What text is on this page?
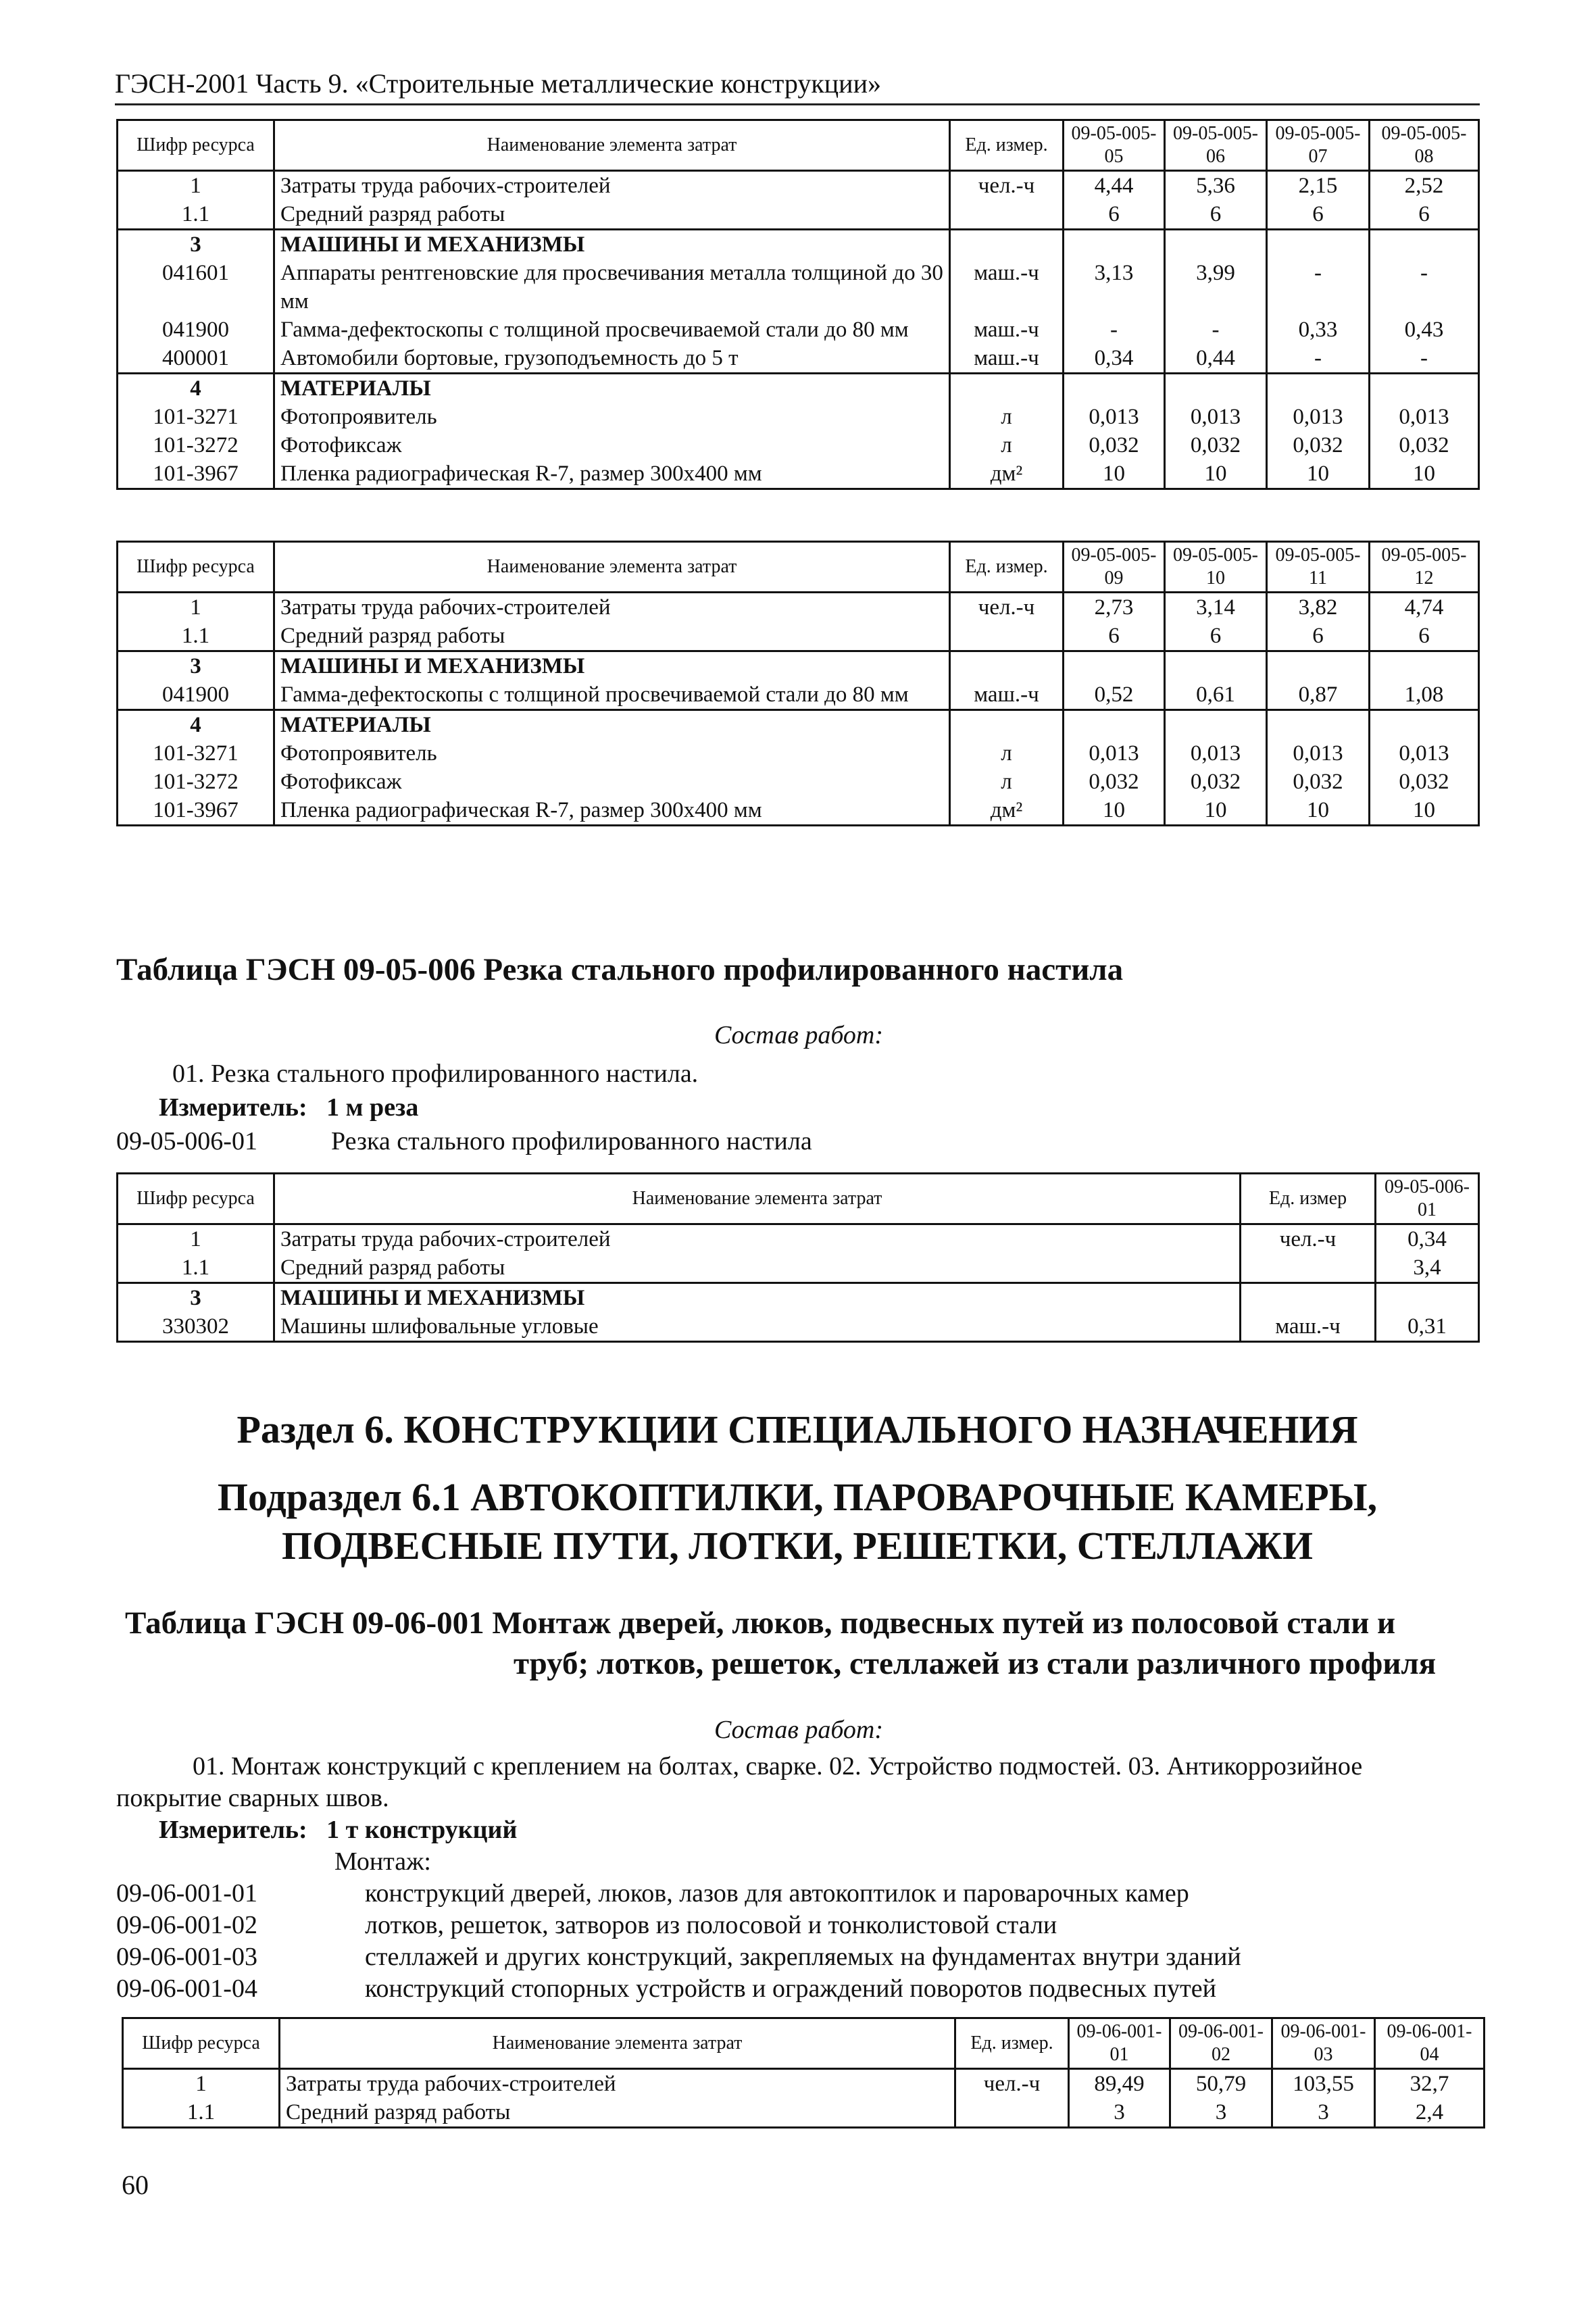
ГЭСН-2001 Часть 9. «Строительные металлические конструкции»
Шифр ресурса	Наименование элемента затрат	Ед. измер.	09-05-005-05	09-05-005-06	09-05-005-07	09-05-005-08
1	Затраты труда рабочих-строителей	чел.-ч	4,44	5,36	2,15	2,52
1.1	Средний разряд работы		6	6	6	6
3	МАШИНЫ И МЕХАНИЗМЫ					
041601	Аппараты рентгеновские для просвечивания металла толщиной до 30 мм	маш.-ч	3,13	3,99	-	-
041900	Гамма-дефектоскопы с толщиной просвечиваемой стали до 80 мм	маш.-ч	-	-	0,33	0,43
400001	Автомобили бортовые, грузоподъемность до 5 т	маш.-ч	0,34	0,44	-	-
4	МАТЕРИАЛЫ					
101-3271	Фотопроявитель	л	0,013	0,013	0,013	0,013
101-3272	Фотофиксаж	л	0,032	0,032	0,032	0,032
101-3967	Пленка радиографическая R-7, размер 300х400 мм	дм²	10	10	10	10
Шифр ресурса	Наименование элемента затрат	Ед. измер.	09-05-005-09	09-05-005-10	09-05-005-11	09-05-005-12
1	Затраты труда рабочих-строителей	чел.-ч	2,73	3,14	3,82	4,74
1.1	Средний разряд работы		6	6	6	6
3	МАШИНЫ И МЕХАНИЗМЫ					
041900	Гамма-дефектоскопы с толщиной просвечиваемой стали до 80 мм	маш.-ч	0,52	0,61	0,87	1,08
4	МАТЕРИАЛЫ					
101-3271	Фотопроявитель	л	0,013	0,013	0,013	0,013
101-3272	Фотофиксаж	л	0,032	0,032	0,032	0,032
101-3967	Пленка радиографическая R-7, размер 300х400 мм	дм²	10	10	10	10
Таблица ГЭСН 09-05-006 Резка стального профилированного настила
Состав работ:
01. Резка стального профилированного настила.
Измеритель: 1 м реза
09-05-006-01	Резка стального профилированного настила
Шифр ресурса	Наименование элемента затрат	Ед. измер	09-05-006-01
1	Затраты труда рабочих-строителей	чел.-ч	0,34
1.1	Средний разряд работы		3,4
3	МАШИНЫ И МЕХАНИЗМЫ		
330302	Машины шлифовальные угловые	маш.-ч	0,31
Раздел 6. КОНСТРУКЦИИ СПЕЦИАЛЬНОГО НАЗНАЧЕНИЯ
Подраздел 6.1 АВТОКОПТИЛКИ, ПАРОВАРОЧНЫЕ КАМЕРЫ,
ПОДВЕСНЫЕ ПУТИ, ЛОТКИ, РЕШЕТКИ, СТЕЛЛАЖИ
Таблица ГЭСН 09-06-001 Монтаж дверей, люков, подвесных путей из полосовой стали и
труб; лотков, решеток, стеллажей из стали различного профиля
Состав работ:
01. Монтаж конструкций с креплением на болтах, сварке. 02. Устройство подмостей. 03. Антикоррозийное
покрытие сварных швов.
Измеритель: 1 т конструкций
Монтаж:
09-06-001-01	конструкций дверей, люков, лазов для автокоптилок и пароварочных камер
09-06-001-02	лотков, решеток, затворов из полосовой и тонколистовой стали
09-06-001-03	стеллажей и других конструкций, закрепляемых на фундаментах внутри зданий
09-06-001-04	конструкций стопорных устройств и ограждений поворотов подвесных путей
Шифр ресурса	Наименование элемента затрат	Ед. измер.	09-06-001-01	09-06-001-02	09-06-001-03	09-06-001-04
1	Затраты труда рабочих-строителей	чел.-ч	89,49	50,79	103,55	32,7
1.1	Средний разряд работы		3	3	3	2,4
60
